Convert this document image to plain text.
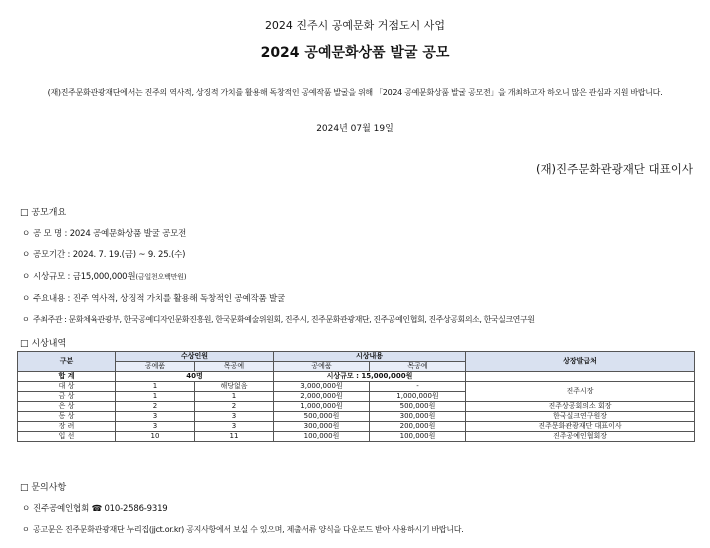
2024 진주시 공예문화 거점도시 사업
2024 공예문화상품 발굴 공모
(재)진주문화관광재단에서는 진주의 역사적, 상징적 가치를 활용해 독창적인 공예작품 발굴을 위해 「2024 공예문화상품 발굴 공모전」을 개최하고자 하오니 많은 관심과 지원 바랍니다.
2024년 07월 19일
(재)진주문화관광재단 대표이사
□ 공모개요
ㅇ 공 모 명 : 2024 공예문화상품 발굴 공모전
ㅇ 공모기간 : 2024. 7. 19.(금) ~ 9. 25.(수)
ㅇ 시상규모 : 금15,000,000원(금일천오백만원)
ㅇ 주요내용 : 진주 역사적, 상징적 가치를 활용해 독창적인 공예작품 발굴
ㅇ 주최주관 : 문화체육관광부, 한국공예디자인문화진흥원, 한국문화예술위원회, 진주시, 진주문화관광재단, 진주공예인협회, 진주상공회의소, 한국실크연구원
□ 시상내역
구분	수상인원		시상내용		상장발급처
	공예품	목공예	공예품	목공예	
합 계	40명		시상규모 : 15,000,000원		
대 상	1	해당없음	3,000,000원	-	진주시장
금 상	1	1	2,000,000원	1,000,000원	
은 상	2	2	1,000,000원	500,000원	진주상공회의소 회장
동 상	3	3	500,000원	300,000원	한국실크연구원장
장 려	3	3	300,000원	200,000원	진주문화관광재단 대표이사
입 선	10	11	100,000원	100,000원	진주공예인협회장
□ 문의사항
ㅇ 진주공예인협회 ☎ 010-2586-9319
ㅇ 공고문은 진주문화관광재단 누리집(jjct.or.kr) 공지사항에서 보실 수 있으며, 제출서류 양식을 다운로드 받아 사용하시기 바랍니다.
